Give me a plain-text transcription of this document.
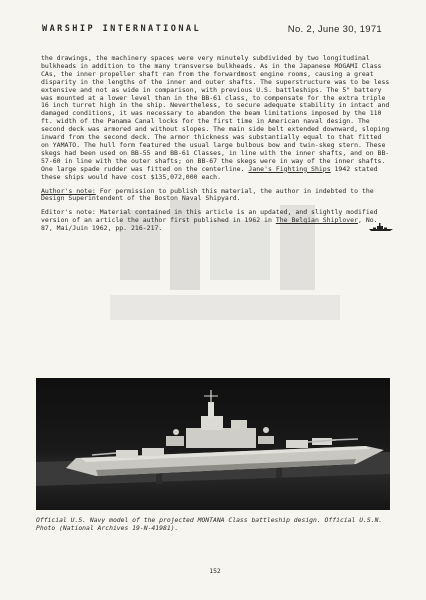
WARSHIP INTERNATIONAL	No. 2, June 30, 1971

the drawings, the machinery spaces were very minutely subdivided by two longitudinal bulkheads in addition to the many transverse bulkheads. As in the Japanese MOGAMI Class CAs, the inner propeller shaft ran from the forwardmost engine rooms, causing a great disparity in the lengths of the inner and outer shafts. The superstructure was to be less extensive and not as wide in comparison, with previous U.S. battleships. The 5" battery was mounted at a lower level than in the BB-61 class, to compensate for the extra triple 16 inch turret high in the ship. Nevertheless, to secure adequate stability in intact and damaged conditions, it was necessary to abandon the beam limitations imposed by the 110 ft. width of the Panama Canal locks for the first time in American naval design. The second deck was armored and without slopes. The main side belt extended downward, sloping inward from the second deck. The armor thickness was substantially equal to that fitted on YAMATO. The hull form featured the usual large bulbous bow and twin-skeg stern. These skegs had been used on BB-55 and BB-61 Classes, in line with the inner shafts, and on BB-57-60 in line with the outer shafts; on BB-67 the skegs were in way of the inner shafts. One large spade rudder was fitted on the centerline. Jane's Fighting Ships 1942 stated these ships would have cost $135,072,000 each.

Author's note: For permission to publish this material, the author in indebted to the Design Superintendent of the Boston Naval Shipyard.

Editor's note: Material contained in this article is an updated, and slightly modified version of an article the author first published in 1962 in The Belgian Shiplover, No. 87, Mai/Juin 1962, pp. 216-217.

Official U.S. Navy model of the projected MONTANA Class battleship design. Official U.S.N. Photo (National Archives 19-N-41981).
152
